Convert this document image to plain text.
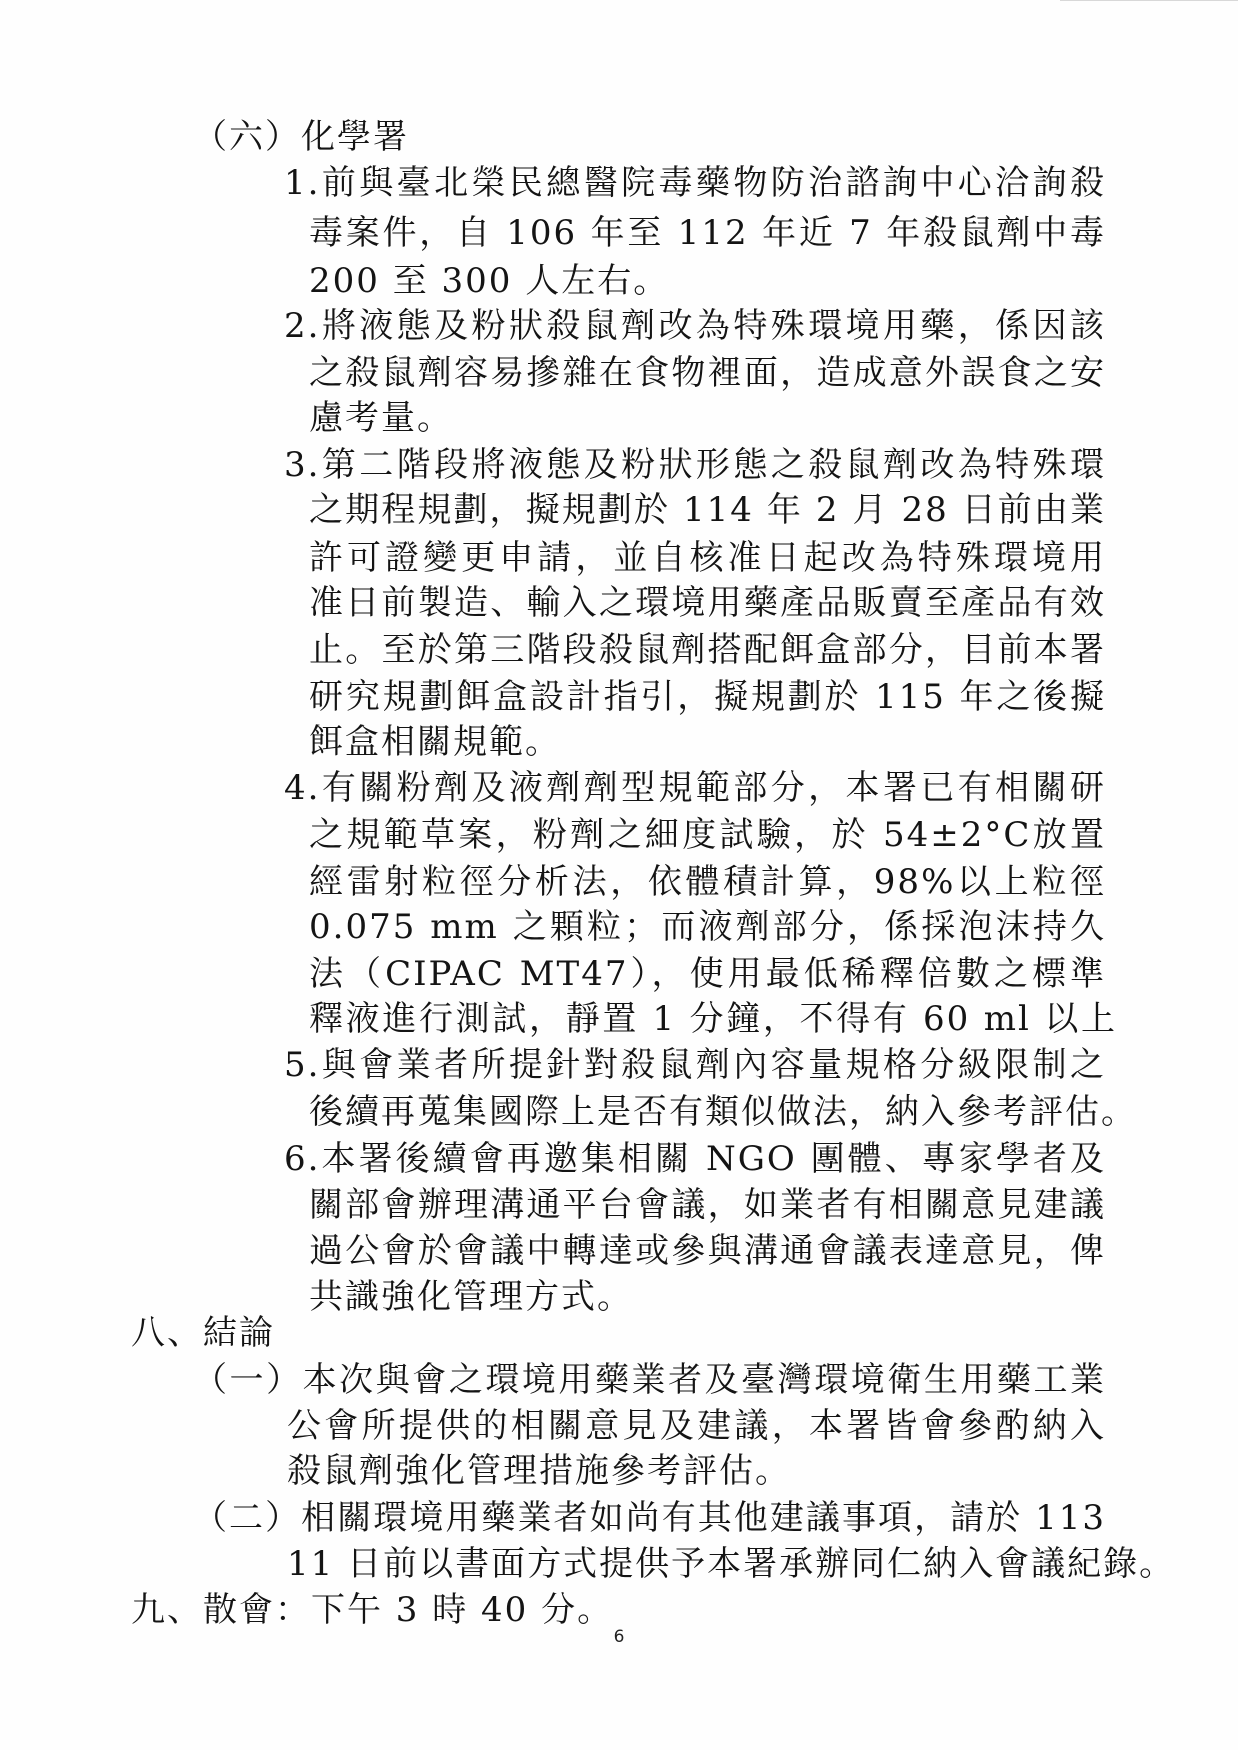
（六）化學署
1.前與臺北榮民總醫院毒藥物防治諮詢中心洽詢殺
毒案件，自 106 年至 112 年近 7 年殺鼠劑中毒
200 至 300 人左右。
2.將液態及粉狀殺鼠劑改為特殊環境用藥，係因該
之殺鼠劑容易摻雜在食物裡面，造成意外誤食之安
慮考量。
3.第二階段將液態及粉狀形態之殺鼠劑改為特殊環
之期程規劃，擬規劃於 114 年 2 月 28 日前由業
許可證變更申請，並自核准日起改為特殊環境用
准日前製造、輸入之環境用藥產品販賣至產品有效
止。至於第三階段殺鼠劑搭配餌盒部分，目前本署
研究規劃餌盒設計指引，擬規劃於 115 年之後擬
餌盒相關規範。
4.有關粉劑及液劑劑型規範部分，本署已有相關研
之規範草案，粉劑之細度試驗，於 54±2°C放置
經雷射粒徑分析法，依體積計算，98%以上粒徑
0.075 mm 之顆粒；而液劑部分，係採泡沫持久
法（CIPAC MT47），使用最低稀釋倍數之標準
釋液進行測試，靜置 1 分鐘，不得有 60 ml 以上
5.與會業者所提針對殺鼠劑內容量規格分級限制之
後續再蒐集國際上是否有類似做法，納入參考評估。
6.本署後續會再邀集相關 NGO 團體、專家學者及
關部會辦理溝通平台會議，如業者有相關意見建議
過公會於會議中轉達或參與溝通會議表達意見，俾
共識強化管理方式。
八、結論
（一）本次與會之環境用藥業者及臺灣環境衛生用藥工業
公會所提供的相關意見及建議，本署皆會參酌納入
殺鼠劑強化管理措施參考評估。
（二）相關環境用藥業者如尚有其他建議事項，請於 113
11 日前以書面方式提供予本署承辦同仁納入會議紀錄。
九、散會：下午 3 時 40 分。
6
